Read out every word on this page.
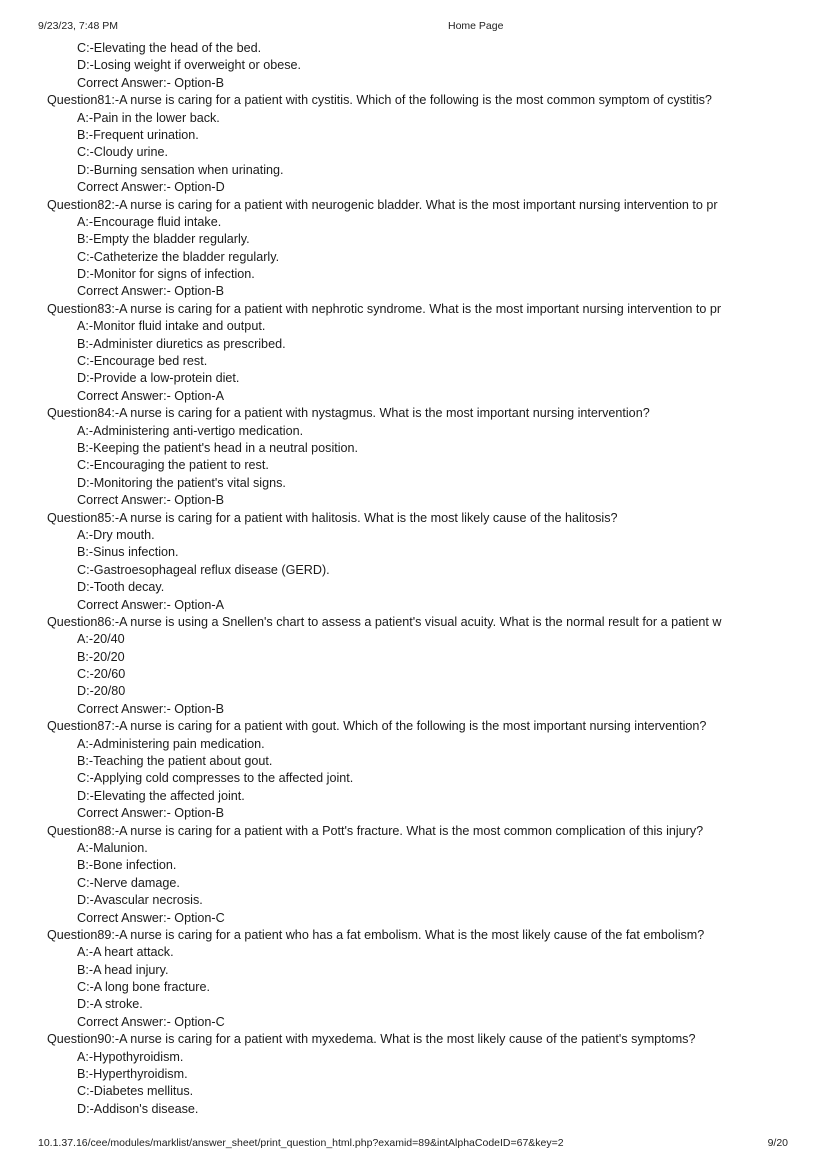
9/23/23, 7:48 PM	Home Page
C:-Elevating the head of the bed.
D:-Losing weight if overweight or obese.
Correct Answer:- Option-B
Question81:-A nurse is caring for a patient with cystitis. Which of the following is the most common symptom of cystitis?
A:-Pain in the lower back.
B:-Frequent urination.
C:-Cloudy urine.
D:-Burning sensation when urinating.
Correct Answer:- Option-D
Question82:-A nurse is caring for a patient with neurogenic bladder. What is the most important nursing intervention to pr
A:-Encourage fluid intake.
B:-Empty the bladder regularly.
C:-Catheterize the bladder regularly.
D:-Monitor for signs of infection.
Correct Answer:- Option-B
Question83:-A nurse is caring for a patient with nephrotic syndrome. What is the most important nursing intervention to pr
A:-Monitor fluid intake and output.
B:-Administer diuretics as prescribed.
C:-Encourage bed rest.
D:-Provide a low-protein diet.
Correct Answer:- Option-A
Question84:-A nurse is caring for a patient with nystagmus. What is the most important nursing intervention?
A:-Administering anti-vertigo medication.
B:-Keeping the patient's head in a neutral position.
C:-Encouraging the patient to rest.
D:-Monitoring the patient's vital signs.
Correct Answer:- Option-B
Question85:-A nurse is caring for a patient with halitosis. What is the most likely cause of the halitosis?
A:-Dry mouth.
B:-Sinus infection.
C:-Gastroesophageal reflux disease (GERD).
D:-Tooth decay.
Correct Answer:- Option-A
Question86:-A nurse is using a Snellen's chart to assess a patient's visual acuity. What is the normal result for a patient w
A:-20/40
B:-20/20
C:-20/60
D:-20/80
Correct Answer:- Option-B
Question87:-A nurse is caring for a patient with gout. Which of the following is the most important nursing intervention?
A:-Administering pain medication.
B:-Teaching the patient about gout.
C:-Applying cold compresses to the affected joint.
D:-Elevating the affected joint.
Correct Answer:- Option-B
Question88:-A nurse is caring for a patient with a Pott's fracture. What is the most common complication of this injury?
A:-Malunion.
B:-Bone infection.
C:-Nerve damage.
D:-Avascular necrosis.
Correct Answer:- Option-C
Question89:-A nurse is caring for a patient who has a fat embolism. What is the most likely cause of the fat embolism?
A:-A heart attack.
B:-A head injury.
C:-A long bone fracture.
D:-A stroke.
Correct Answer:- Option-C
Question90:-A nurse is caring for a patient with myxedema. What is the most likely cause of the patient's symptoms?
A:-Hypothyroidism.
B:-Hyperthyroidism.
C:-Diabetes mellitus.
D:-Addison's disease.
10.1.37.16/cee/modules/marklist/answer_sheet/print_question_html.php?examid=89&intAlphaCodeID=67&key=2	9/20
